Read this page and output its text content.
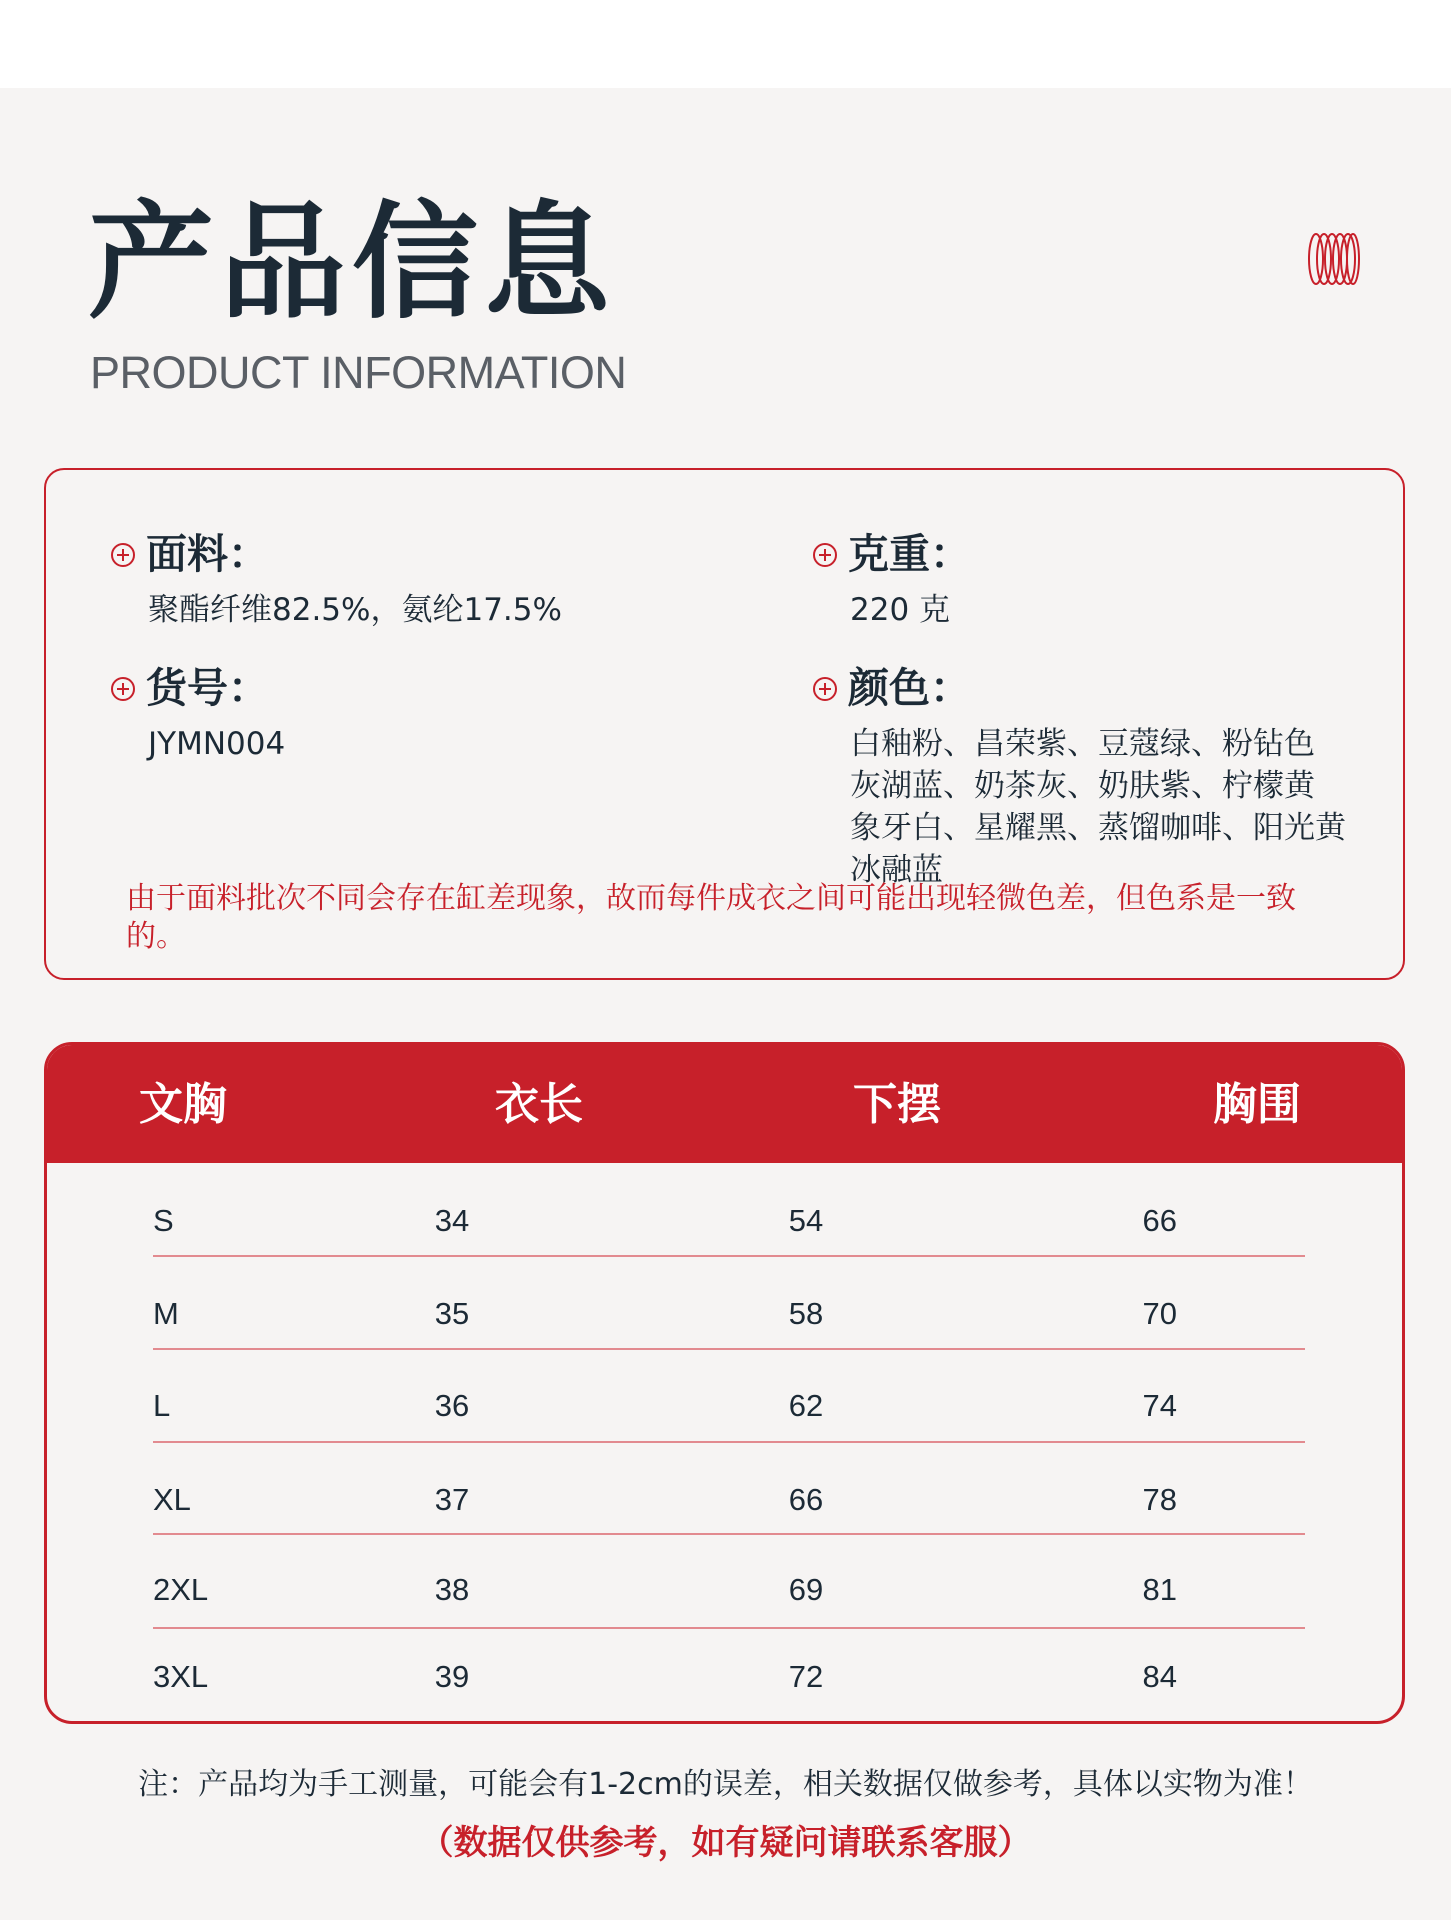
产品信息
PRODUCT INFORMATION
面料：
聚酯纤维82.5%，氨纶17.5%
克重：
220 克
货号：
JYMN004
颜色：
白釉粉、昌荣紫、豆蔻绿、粉钻色
灰湖蓝、奶茶灰、奶肤紫、柠檬黄
象牙白、星耀黑、蒸馏咖啡、阳光黄
冰融蓝
由于面料批次不同会存在缸差现象，故而每件成衣之间可能出现轻微色差，但色系是一致的。
文胸	衣长	下摆	胸围
S	34	54	66
M	35	58	70
L	36	62	74
XL	37	66	78
2XL	38	69	81
3XL	39	72	84
注：产品均为手工测量，可能会有1-2cm的误差，相关数据仅做参考，具体以实物为准！
（数据仅供参考，如有疑问请联系客服）
